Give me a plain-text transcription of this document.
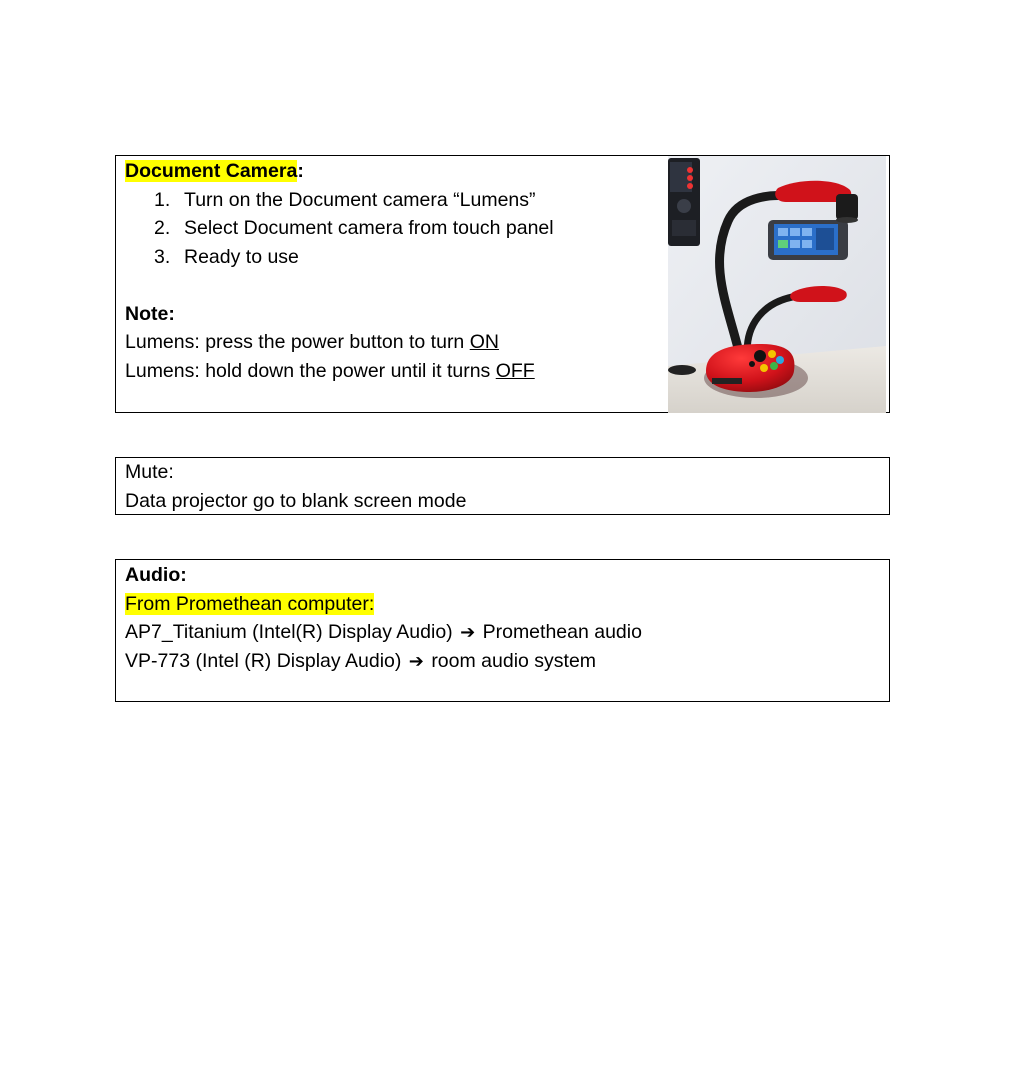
Document Camera:
1. Turn on the Document camera “Lumens”
2. Select Document camera from touch panel
3. Ready to use
Note:
Lumens: press the power button to turn ON
Lumens: hold down the power until it turns OFF
Mute:
Data projector go to blank screen mode
Audio:
From Promethean computer:
AP7_Titanium (Intel(R) Display Audio) ➔ Promethean audio
VP-773 (Intel (R) Display Audio) ➔ room audio system
